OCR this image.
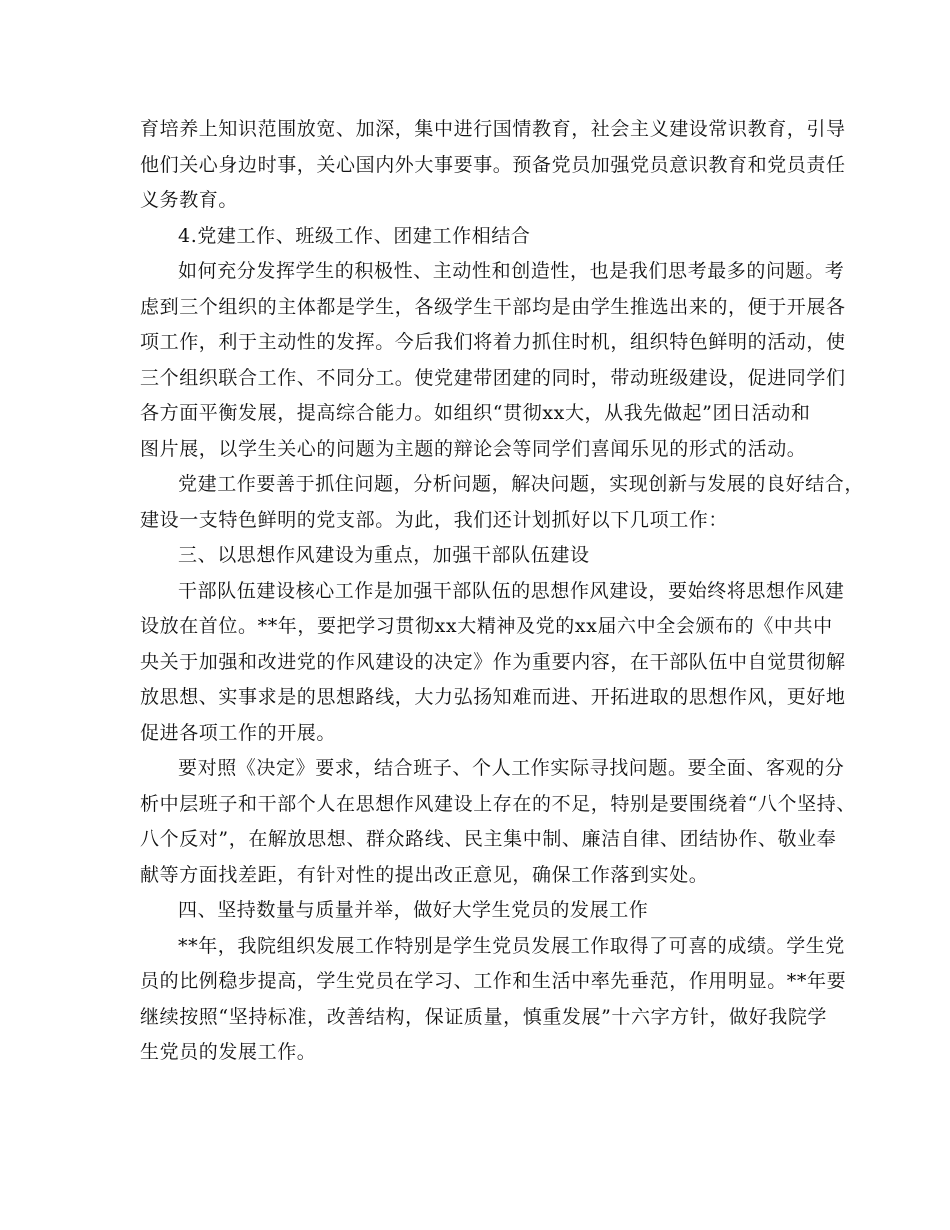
育培养上知识范围放宽、加深，集中进行国情教育，社会主义建设常识教育，引导
他们关心身边时事，关心国内外大事要事。预备党员加强党员意识教育和党员责任
义务教育。
4.党建工作、班级工作、团建工作相结合
如何充分发挥学生的积极性、主动性和创造性，也是我们思考最多的问题。考
虑到三个组织的主体都是学生，各级学生干部均是由学生推选出来的，便于开展各
项工作，利于主动性的发挥。今后我们将着力抓住时机，组织特色鲜明的活动，使
三个组织联合工作、不同分工。使党建带团建的同时，带动班级建设，促进同学们
各方面平衡发展，提高综合能力。如组织“贯彻xx大，从我先做起”团日活动和
图片展，以学生关心的问题为主题的辩论会等同学们喜闻乐见的形式的活动。
党建工作要善于抓住问题，分析问题，解决问题，实现创新与发展的良好结合，
建设一支特色鲜明的党支部。为此，我们还计划抓好以下几项工作：
三、以思想作风建设为重点，加强干部队伍建设
干部队伍建设核心工作是加强干部队伍的思想作风建设，要始终将思想作风建
设放在首位。**年，要把学习贯彻xx大精神及党的xx届六中全会颁布的《中共中
央关于加强和改进党的作风建设的决定》作为重要内容，在干部队伍中自觉贯彻解
放思想、实事求是的思想路线，大力弘扬知难而进、开拓进取的思想作风，更好地
促进各项工作的开展。
要对照《决定》要求，结合班子、个人工作实际寻找问题。要全面、客观的分
析中层班子和干部个人在思想作风建设上存在的不足，特别是要围绕着“八个坚持、
八个反对”，在解放思想、群众路线、民主集中制、廉洁自律、团结协作、敬业奉
献等方面找差距，有针对性的提出改正意见，确保工作落到实处。
四、坚持数量与质量并举，做好大学生党员的发展工作
**年，我院组织发展工作特别是学生党员发展工作取得了可喜的成绩。学生党
员的比例稳步提高，学生党员在学习、工作和生活中率先垂范，作用明显。**年要
继续按照“坚持标准，改善结构，保证质量，慎重发展”十六字方针，做好我院学
生党员的发展工作。
